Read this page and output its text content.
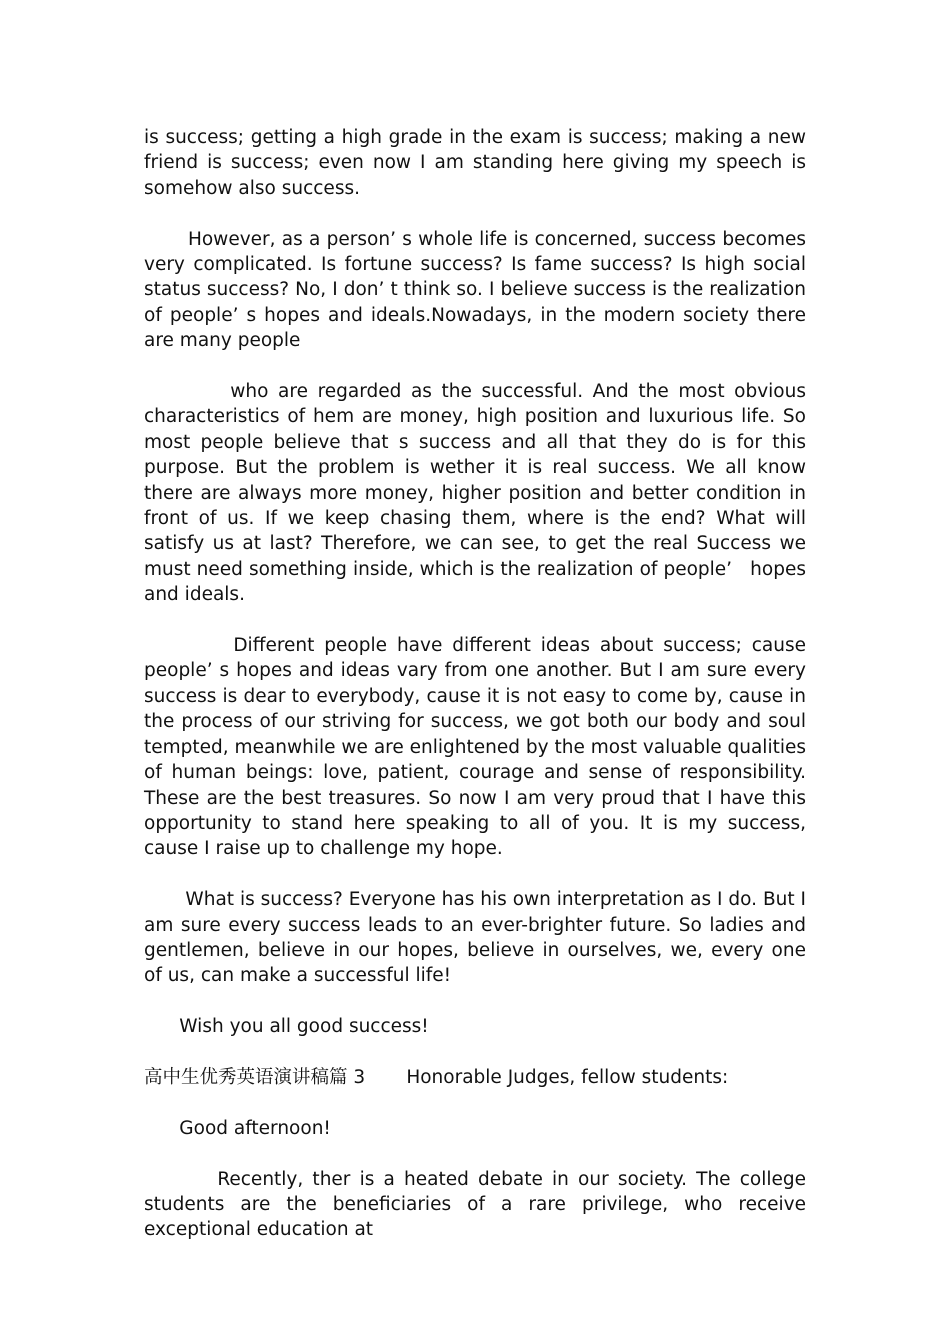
is success; getting a high grade in the exam is success; making a new friend is success; even now I am standing here giving my speech is somehow also success.

However, as a person’ s whole life is concerned, success becomes very complicated. Is fortune success? Is fame success? Is high social status success? No, I don’ t think so. I believe success is the realization of people’ s hopes and ideals.Nowadays, in the modern society there are many people

who are regarded as the successful. And the most obvious characteristics of hem are money, high position and luxurious life. So most people believe that s success and all that they do is for this purpose. But the problem is wether it is real success. We all know there are always more money, higher position and better condition in front of us. If we keep chasing them, where is the end? What will satisfy us at last? Therefore, we can see, to get the real Success we must need something inside, which is the realization of people’   hopes and ideals.

Different people have different ideas about success; cause people’ s hopes and ideas vary from one another. But I am sure every success is dear to everybody, cause it is not easy to come by, cause in the process of our striving for success, we got both our body and soul tempted, meanwhile we are enlightened by the most valuable qualities of human beings: love, patient, courage and sense of responsibility. These are the best treasures. So now I am very proud that I have this opportunity to stand here speaking to all of you. It is my success, cause I raise up to challenge my hope.

What is success? Everyone has his own interpretation as I do. But I am sure every success leads to an ever-brighter future. So ladies and gentlemen, believe in our hopes, believe in ourselves, we, every one of us, can make a successful life!

Wish you all good success!

高中生优秀英语演讲稿篇 3 Honorable Judges, fellow students:

Good afternoon!

Recently, ther is a heated debate in our society. The college students are the beneficiaries of a rare privilege, who receive exceptional education at
